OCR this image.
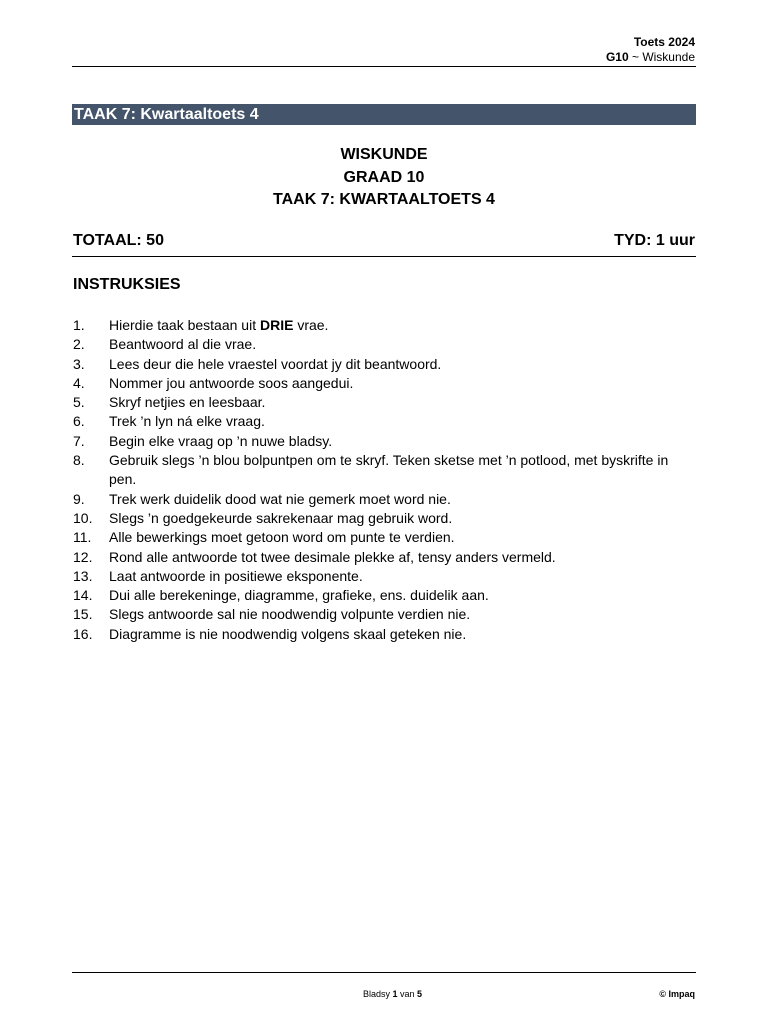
Toets 2024
G10 ~ Wiskunde
TAAK 7: Kwartaaltoets 4
WISKUNDE
GRAAD 10
TAAK 7: KWARTAALTOETS 4
TOTAAL: 50	TYD: 1 uur
INSTRUKSIES
1.	Hierdie taak bestaan uit DRIE vrae.
2.	Beantwoord al die vrae.
3.	Lees deur die hele vraestel voordat jy dit beantwoord.
4.	Nommer jou antwoorde soos aangedui.
5.	Skryf netjies en leesbaar.
6.	Trek ’n lyn ná elke vraag.
7.	Begin elke vraag op ’n nuwe bladsy.
8.	Gebruik slegs ’n blou bolpuntpen om te skryf. Teken sketse met ’n potlood, met byskrifte in pen.
9.	Trek werk duidelik dood wat nie gemerk moet word nie.
10.	Slegs ’n goedgekeurde sakrekenaar mag gebruik word.
11.	Alle bewerkings moet getoon word om punte te verdien.
12.	Rond alle antwoorde tot twee desimale plekke af, tensy anders vermeld.
13.	Laat antwoorde in positiewe eksponente.
14.	Dui alle berekeninge, diagramme, grafieke, ens. duidelik aan.
15.	Slegs antwoorde sal nie noodwendig volpunte verdien nie.
16.	Diagramme is nie noodwendig volgens skaal geteken nie.
Bladsy 1 van 5	© Impaq
